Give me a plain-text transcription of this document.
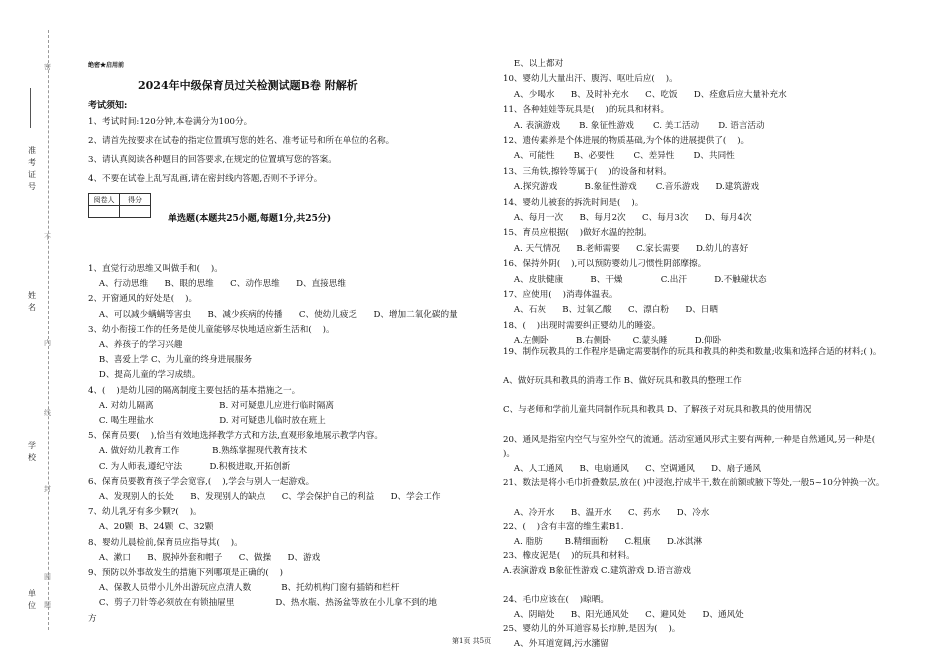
准考证号
姓名
学校
单位
密
不
内
线
封
圆
题
绝密★启用前
2024年中级保育员过关检测试题B卷 附解析
考试须知:
1、考试时间:120分钟,本卷满分为100分。
2、请首先按要求在试卷的指定位置填写您的姓名、准考证号和所在单位的名称。
3、请认真阅读各种题目的回答要求,在规定的位置填写您的答案。
4、不要在试卷上乱写乱画,请在密封线内答题,否则不予评分。
阅卷人	得分

单选题(本题共25小题,每题1分,共25分)
1、直觉行动思维又叫做手和(    )。
A、行动思维      B、眼的思维      C、动作思维      D、直接思维
2、开窗通风的好处是(    )。
A、可以减少螨螨等害虫      B、减少疾病的传播      C、使幼儿疲乏      D、增加二氧化碳的量
3、幼小衔接工作的任务是使儿童能够尽快地适应新生活和(    )。
A、养孩子的学习兴趣
B、喜爱上学 C、为儿童的终身进展服务
D、提高儿童的学习成绩。
4、(    )是幼儿园的隔离制度主要包括的基本措施之一。
A. 对幼儿隔离                        B. 对可疑患儿应进行临时隔离
C. 喝生理盐水                        D. 对可疑患儿临时放在班上
5、保育员要(    ),恰当有效地选择教学方式和方法,直观形象地展示教学内容。
A. 做好幼儿教育工作            B.熟练掌握现代教育技术
C. 为人师表,遵纪守法          D.积极进取,开拓创新
6、保育员要教育孩子学会宽容,(    ),学会与别人一起游戏。
A、发现别人的长处      B、发现别人的缺点      C、学会保护自己的利益      D、学会工作
7、幼儿乳牙有多少颗?(    )。
A、20颗  B、24颗  C、32颗
8、婴幼儿晨检前,保育员应指导其(    )。
A、漱口      B、脱掉外套和帽子      C、做操      D、游戏
9、预防以外事故发生的措施下列哪项是正确的(    )
A、保教人员带小儿外出游玩应点清人数           B、托幼机构门窗有插销和栏杆
C、剪子刀针等必须放在有锁抽屉里               D、热水瓶、热汤盆等放在小儿拿不到的地
方
E、以上都对
10、婴幼儿大量出汗、腹泻、呕吐后应(    )。
A、少喝水      B、及时补充水      C、吃饭      D、痊愈后应大量补充水
11、各种娃娃等玩具是(    )的玩具和材料。
A. 表演游戏       B. 象征性游戏       C. 美工活动       D. 语言活动
12、遗传素养是个体进展的物质基础,为个体的进展提供了(    )。
A、可能性       B、必要性       C、差异性       D、共同性
13、三角铁,擦铃等属于(    )的设备和材料。
A.探究游戏          B.象征性游戏       C.音乐游戏      D.建筑游戏
14、婴幼儿被套的拆洗时间是(    )。
A、每月一次      B、每月2次      C、每月3次      D、每月4次
15、育员应根据(    )做好水温的控制。
A. 天气情况      B.老师需要      C.家长需要      D.幼儿的喜好
16、保持外阴(    ),可以预防婴幼儿刁惯性阴部摩擦。
A、皮肤健康          B、干燥              C.出汗          D.不触碰状态
17、应使用(    )消毒体温表。
A、石灰      B、过氧乙酸      C、漂白粉      D、日晒
18、(    )出现时需要纠正婴幼儿的睡姿。
A.左侧卧          B.右侧卧        C.蒙头睡          D.仰卧
19、制作玩教具的工作程序是确定需要制作的玩具和教具的种类和数量;收集和选择合适的材料;( )。
A、做好玩具和教具的消毒工作 B、做好玩具和教具的整理工作
C、与老师和学前儿童共同制作玩具和教具 D、了解孩子对玩具和教具的使用情况
20、通风是指室内空气与室外空气的流通。活动室通风形式主要有两种,一种是自然通风,另一种是( )。
A、人工通风      B、电扇通风      C、空调通风      D、扇子通风
21、数法是将小毛巾折叠数层,放在( )中浸泡,拧成半干,数在前额或腋下等处,一般5~10分钟换一次。
A、冷开水      B、温开水      C、药水      D、冷水
22、(    )含有丰富的维生素B1.
A. 脂肪        B.精细面粉      C.粗康      D.冰淇淋
23、橡皮泥是(    )的玩具和材料。
A.表演游戏 B象征性游戏 C.建筑游戏 D.语言游戏
24、毛巾应该在(    )晾晒。
A、阴暗处      B、阳光通风处      C、避风处      D、通风处
25、婴幼儿的外耳道容易长疖肿,是因为(    )。
A、外耳道宽阔,污水瀦留
第1页 共5页
